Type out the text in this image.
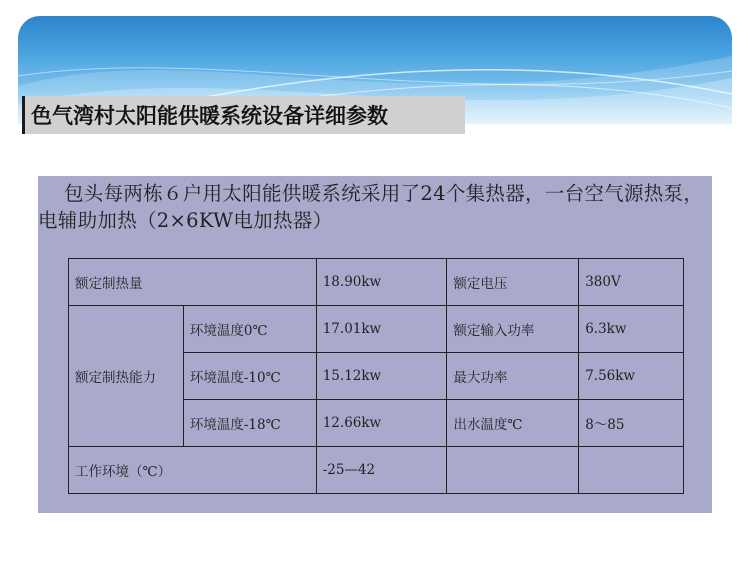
色气湾村太阳能供暖系统设备详细参数
包头每两栋６户用太阳能供暖系统采用了24个集热器，一台空气源热泵，电辅助加热（2×6KW电加热器）
额定制热量		18.90kw	额定电压	380V
额定制热能力	环境温度0℃	17.01kw	额定输入功率	6.3kw
	环境温度-10℃	15.12kw	最大功率	7.56kw
	环境温度-18℃	12.66kw	出水温度℃	8～85
工作环境（℃）		-25—42		
